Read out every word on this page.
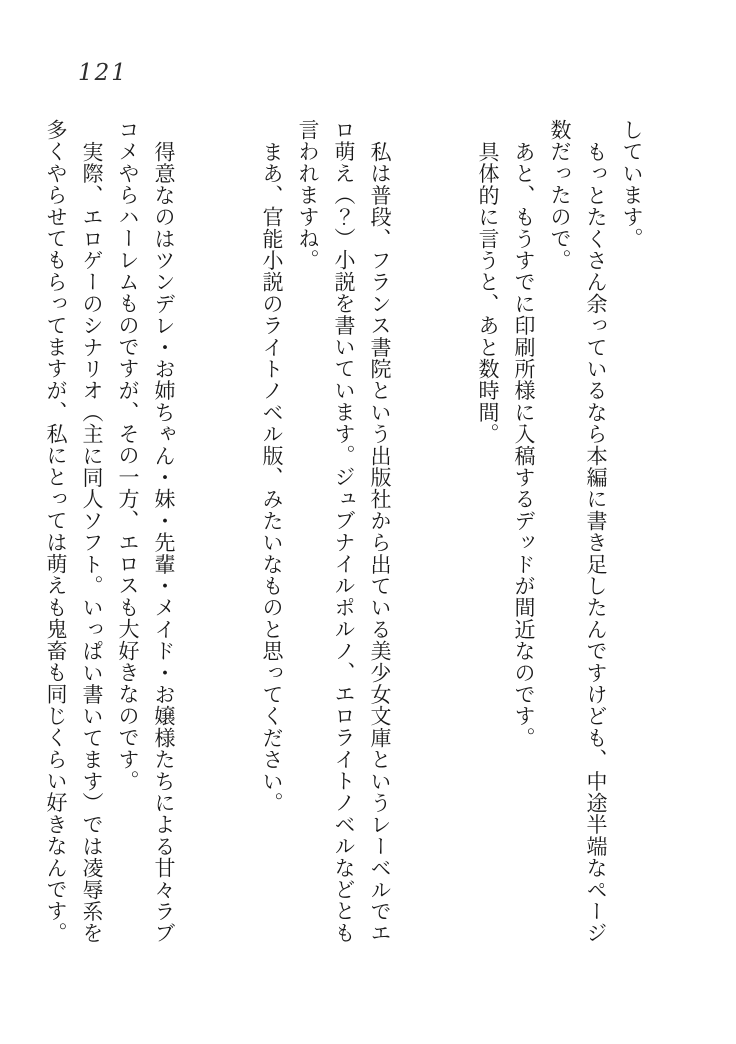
121

しています。

もっとたくさん余っているなら本編に書き足したんですけども、中途半端なページ数だったので。

あと、もうすでに印刷所様に入稿するデッドが間近なのです。

具体的に言うと、あと数時間。

私は普段、フランス書院という出版社から出ている美少女文庫というレーベルでエロ萌え（？）小説を書いています。ジュブナイルポルノ、エロライトノベルなどとも言われますね。

まあ、官能小説のライトノベル版、みたいなものと思ってください。

得意なのはツンデレ・お姉ちゃん・妹・先輩・メイド・お嬢様たちによる甘々ラブコメやらハーレムものですが、その一方、エロスも大好きなのです。

実際、エロゲーのシナリオ（主に同人ソフト。いっぱい書いてます）では凌辱系を多くやらせてもらってますが、私にとっては萌えも鬼畜も同じくらい好きなんです。
